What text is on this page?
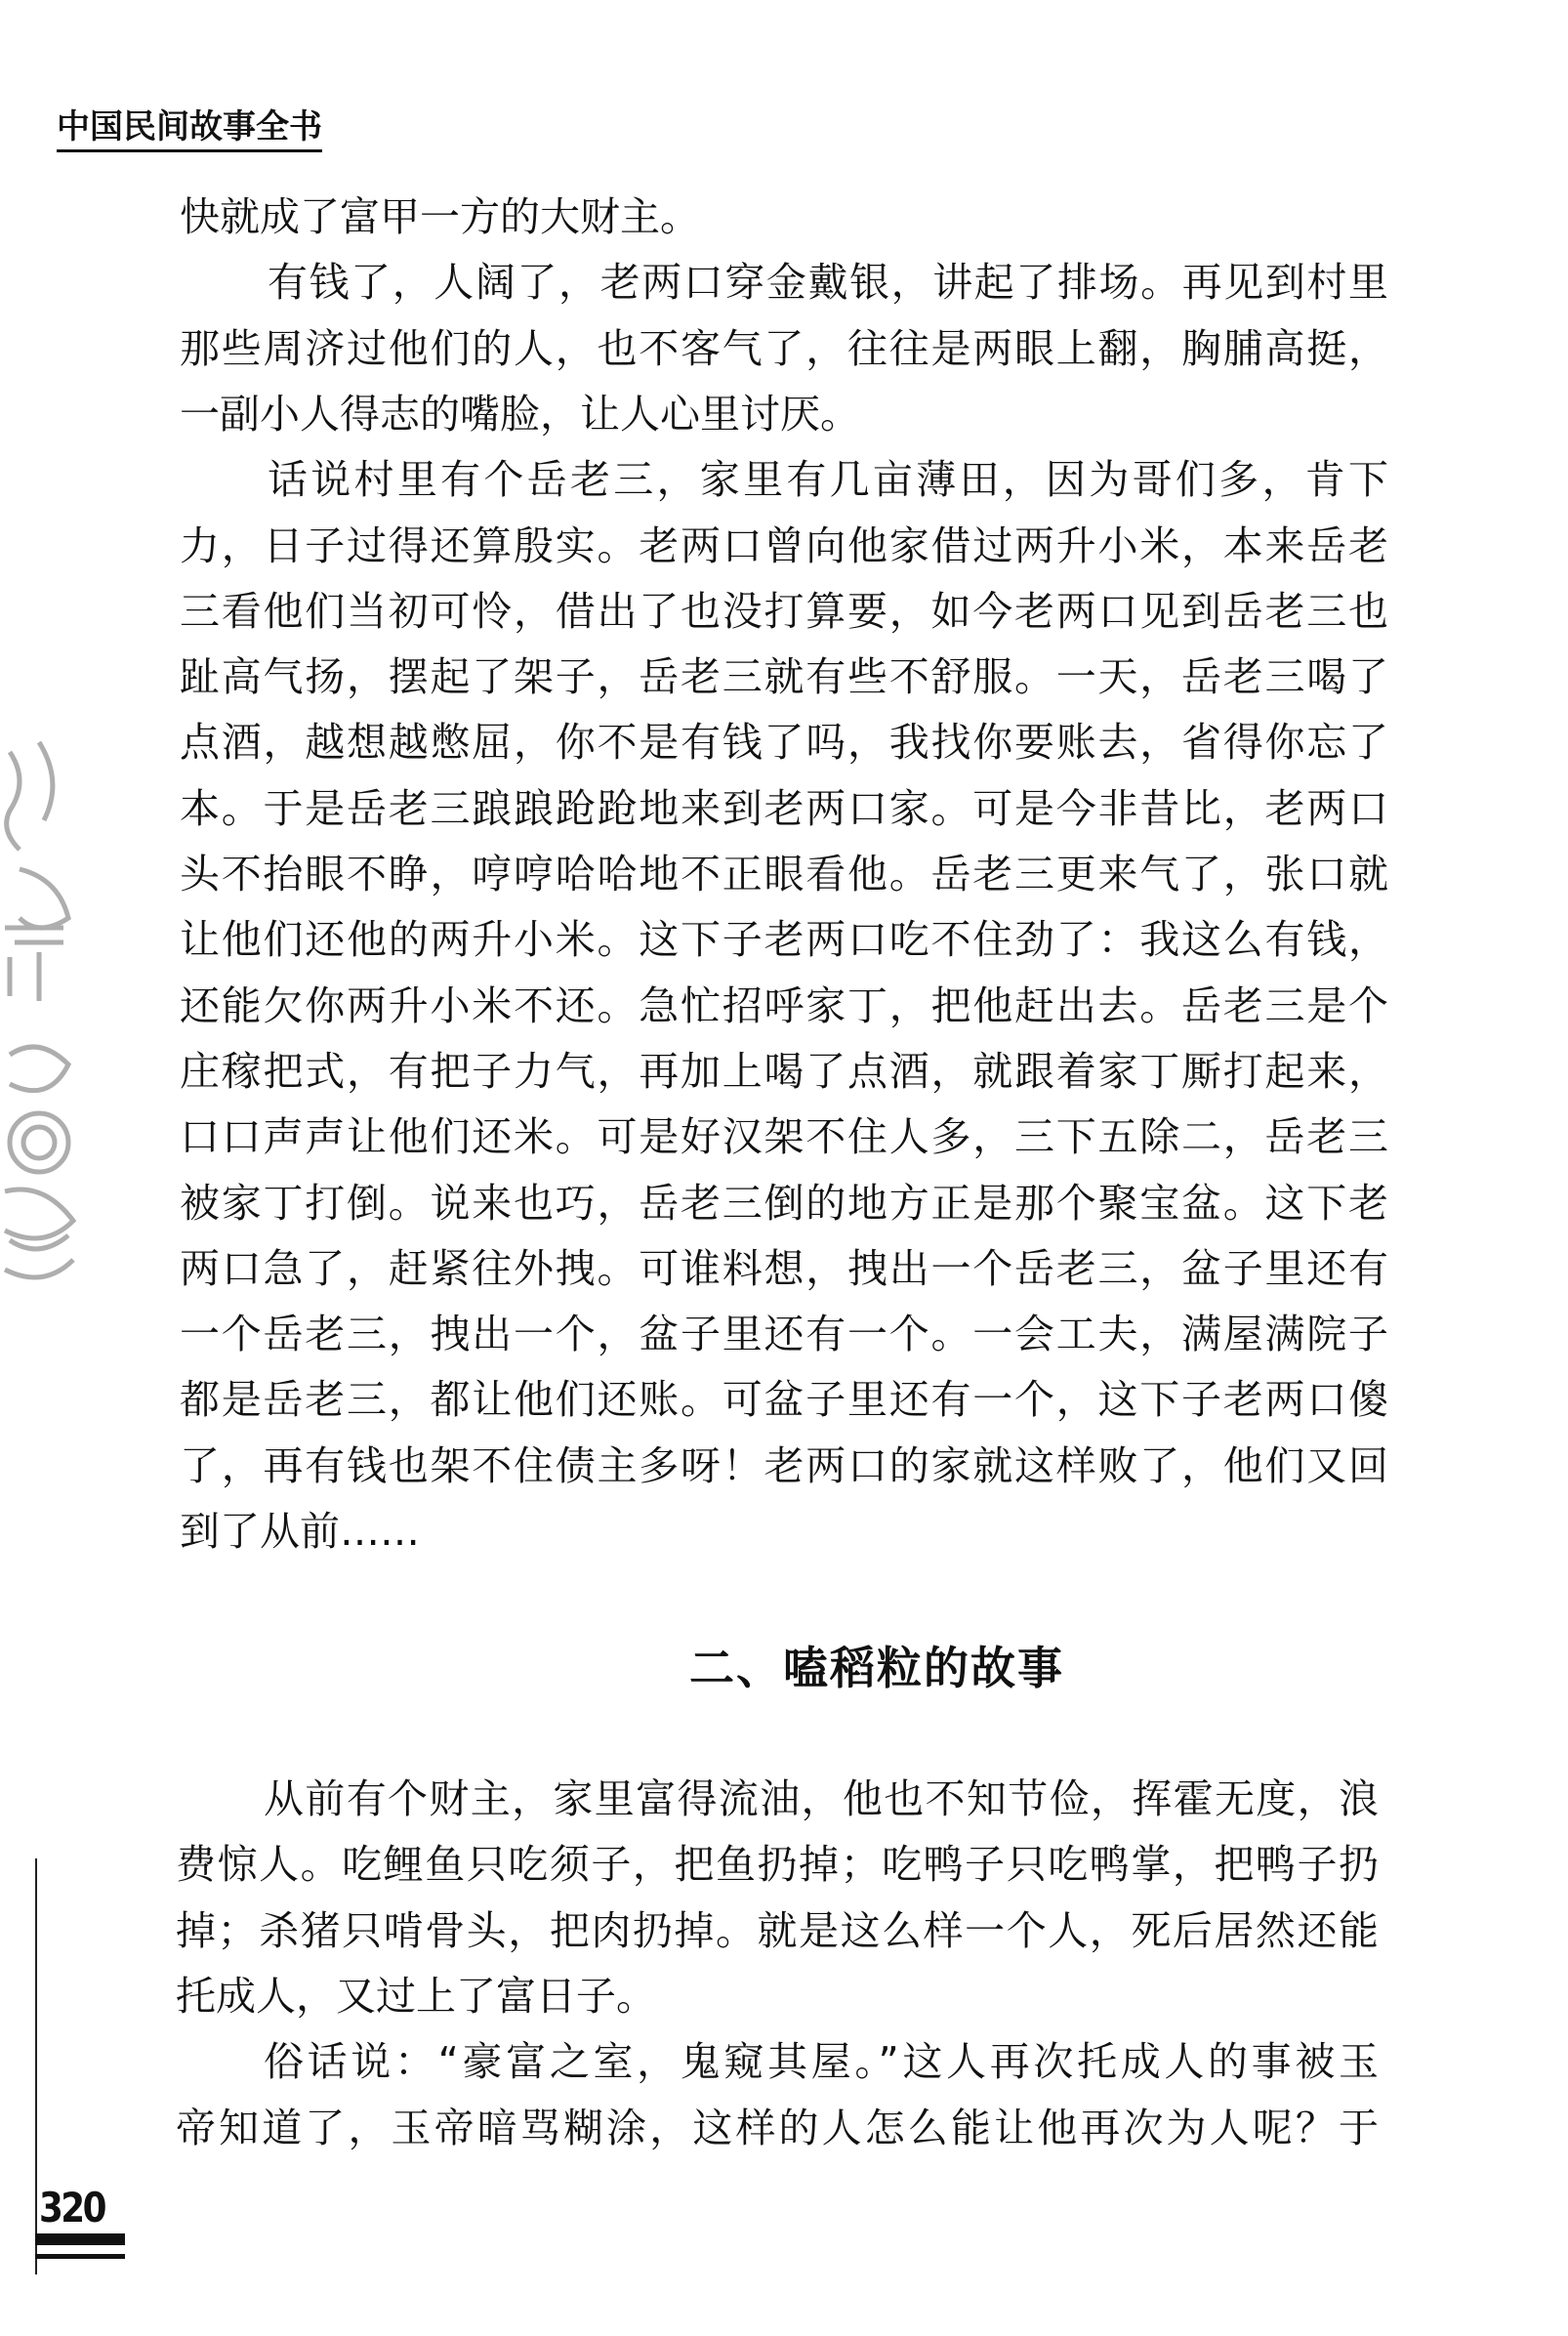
中国民间故事全书
快就成了富甲一方的大财主。
有钱了，人阔了，老两口穿金戴银，讲起了排场。再见到村里
那些周济过他们的人，也不客气了，往往是两眼上翻，胸脯高挺，
一副小人得志的嘴脸，让人心里讨厌。
话说村里有个岳老三，家里有几亩薄田，因为哥们多，肯下
力，日子过得还算殷实。老两口曾向他家借过两升小米，本来岳老
三看他们当初可怜，借出了也没打算要，如今老两口见到岳老三也
趾高气扬，摆起了架子，岳老三就有些不舒服。一天，岳老三喝了
点酒，越想越憋屈，你不是有钱了吗，我找你要账去，省得你忘了
本。于是岳老三踉踉跄跄地来到老两口家。可是今非昔比，老两口
头不抬眼不睁，哼哼哈哈地不正眼看他。岳老三更来气了，张口就
让他们还他的两升小米。这下子老两口吃不住劲了：我这么有钱，
还能欠你两升小米不还。急忙招呼家丁，把他赶出去。岳老三是个
庄稼把式，有把子力气，再加上喝了点酒，就跟着家丁厮打起来，
口口声声让他们还米。可是好汉架不住人多，三下五除二，岳老三
被家丁打倒。说来也巧，岳老三倒的地方正是那个聚宝盆。这下老
两口急了，赶紧往外拽。可谁料想，拽出一个岳老三，盆子里还有
一个岳老三，拽出一个，盆子里还有一个。一会工夫，满屋满院子
都是岳老三，都让他们还账。可盆子里还有一个，这下子老两口傻
了，再有钱也架不住债主多呀！老两口的家就这样败了，他们又回
到了从前……
二、嗑稻粒的故事
从前有个财主，家里富得流油，他也不知节俭，挥霍无度，浪
费惊人。吃鲤鱼只吃须子，把鱼扔掉；吃鸭子只吃鸭掌，把鸭子扔
掉；杀猪只啃骨头，把肉扔掉。就是这么样一个人，死后居然还能
托成人，又过上了富日子。
俗话说：“豪富之室，鬼窥其屋。”这人再次托成人的事被玉
帝知道了，玉帝暗骂糊涂，这样的人怎么能让他再次为人呢？于
320
